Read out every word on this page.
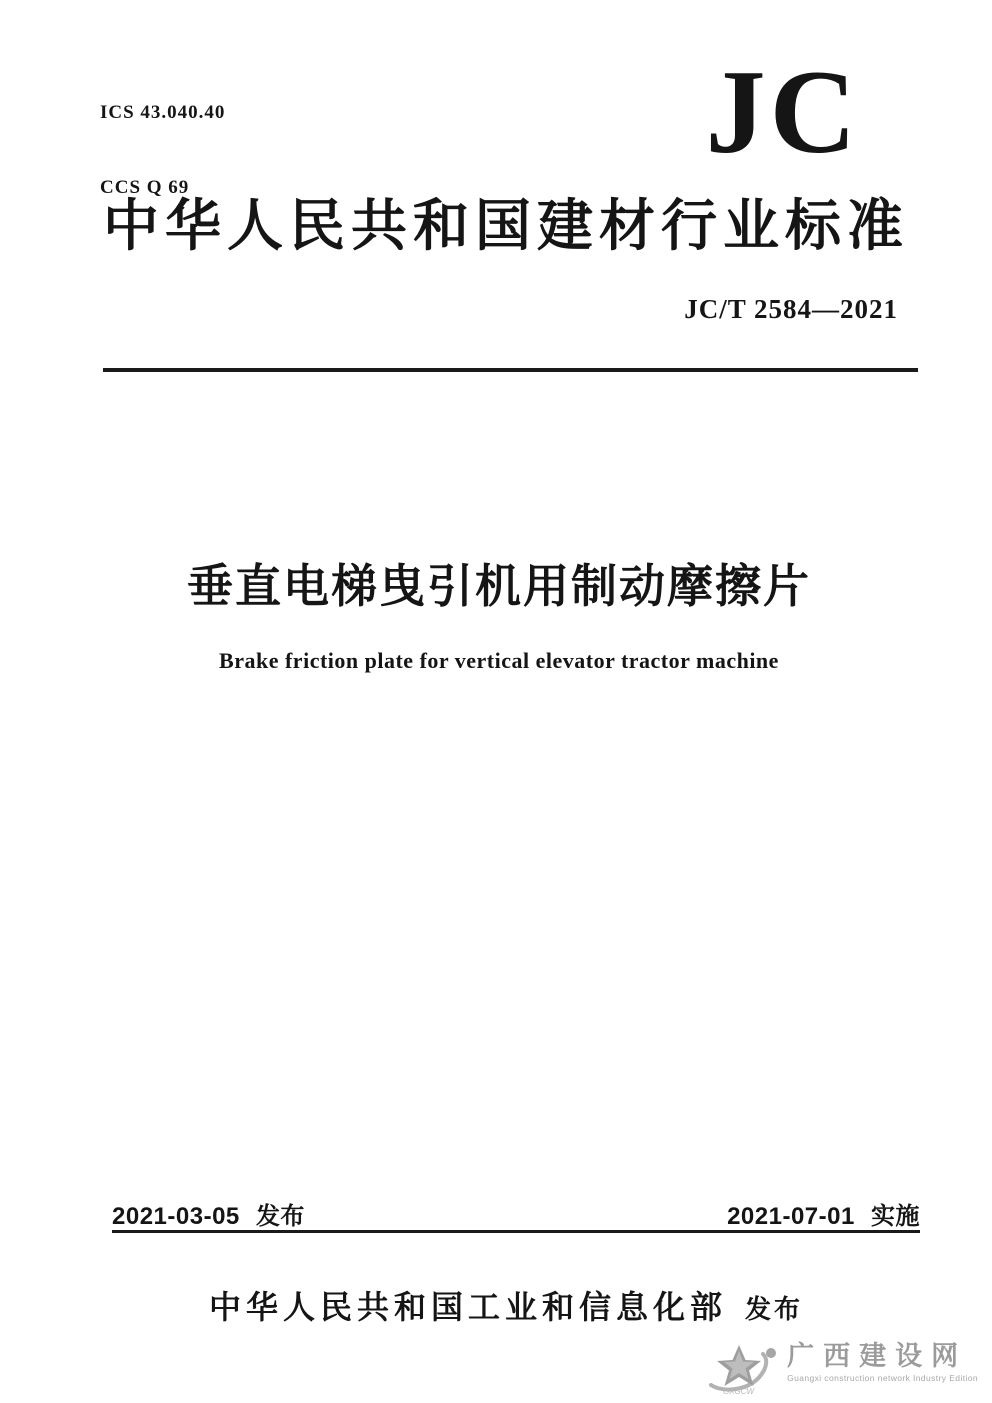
ICS 43.040.40

CCS Q 69

JC
中华人民共和国建材行业标准
JC/T 2584—2021
垂直电梯曳引机用制动摩擦片
Brake friction plate for vertical elevator tractor machine
2021-03-05 发布	2021-07-01 实施
中华人民共和国工业和信息化部 发布
GXGCW
广西建设网
Guangxi construction network Industry Edition
